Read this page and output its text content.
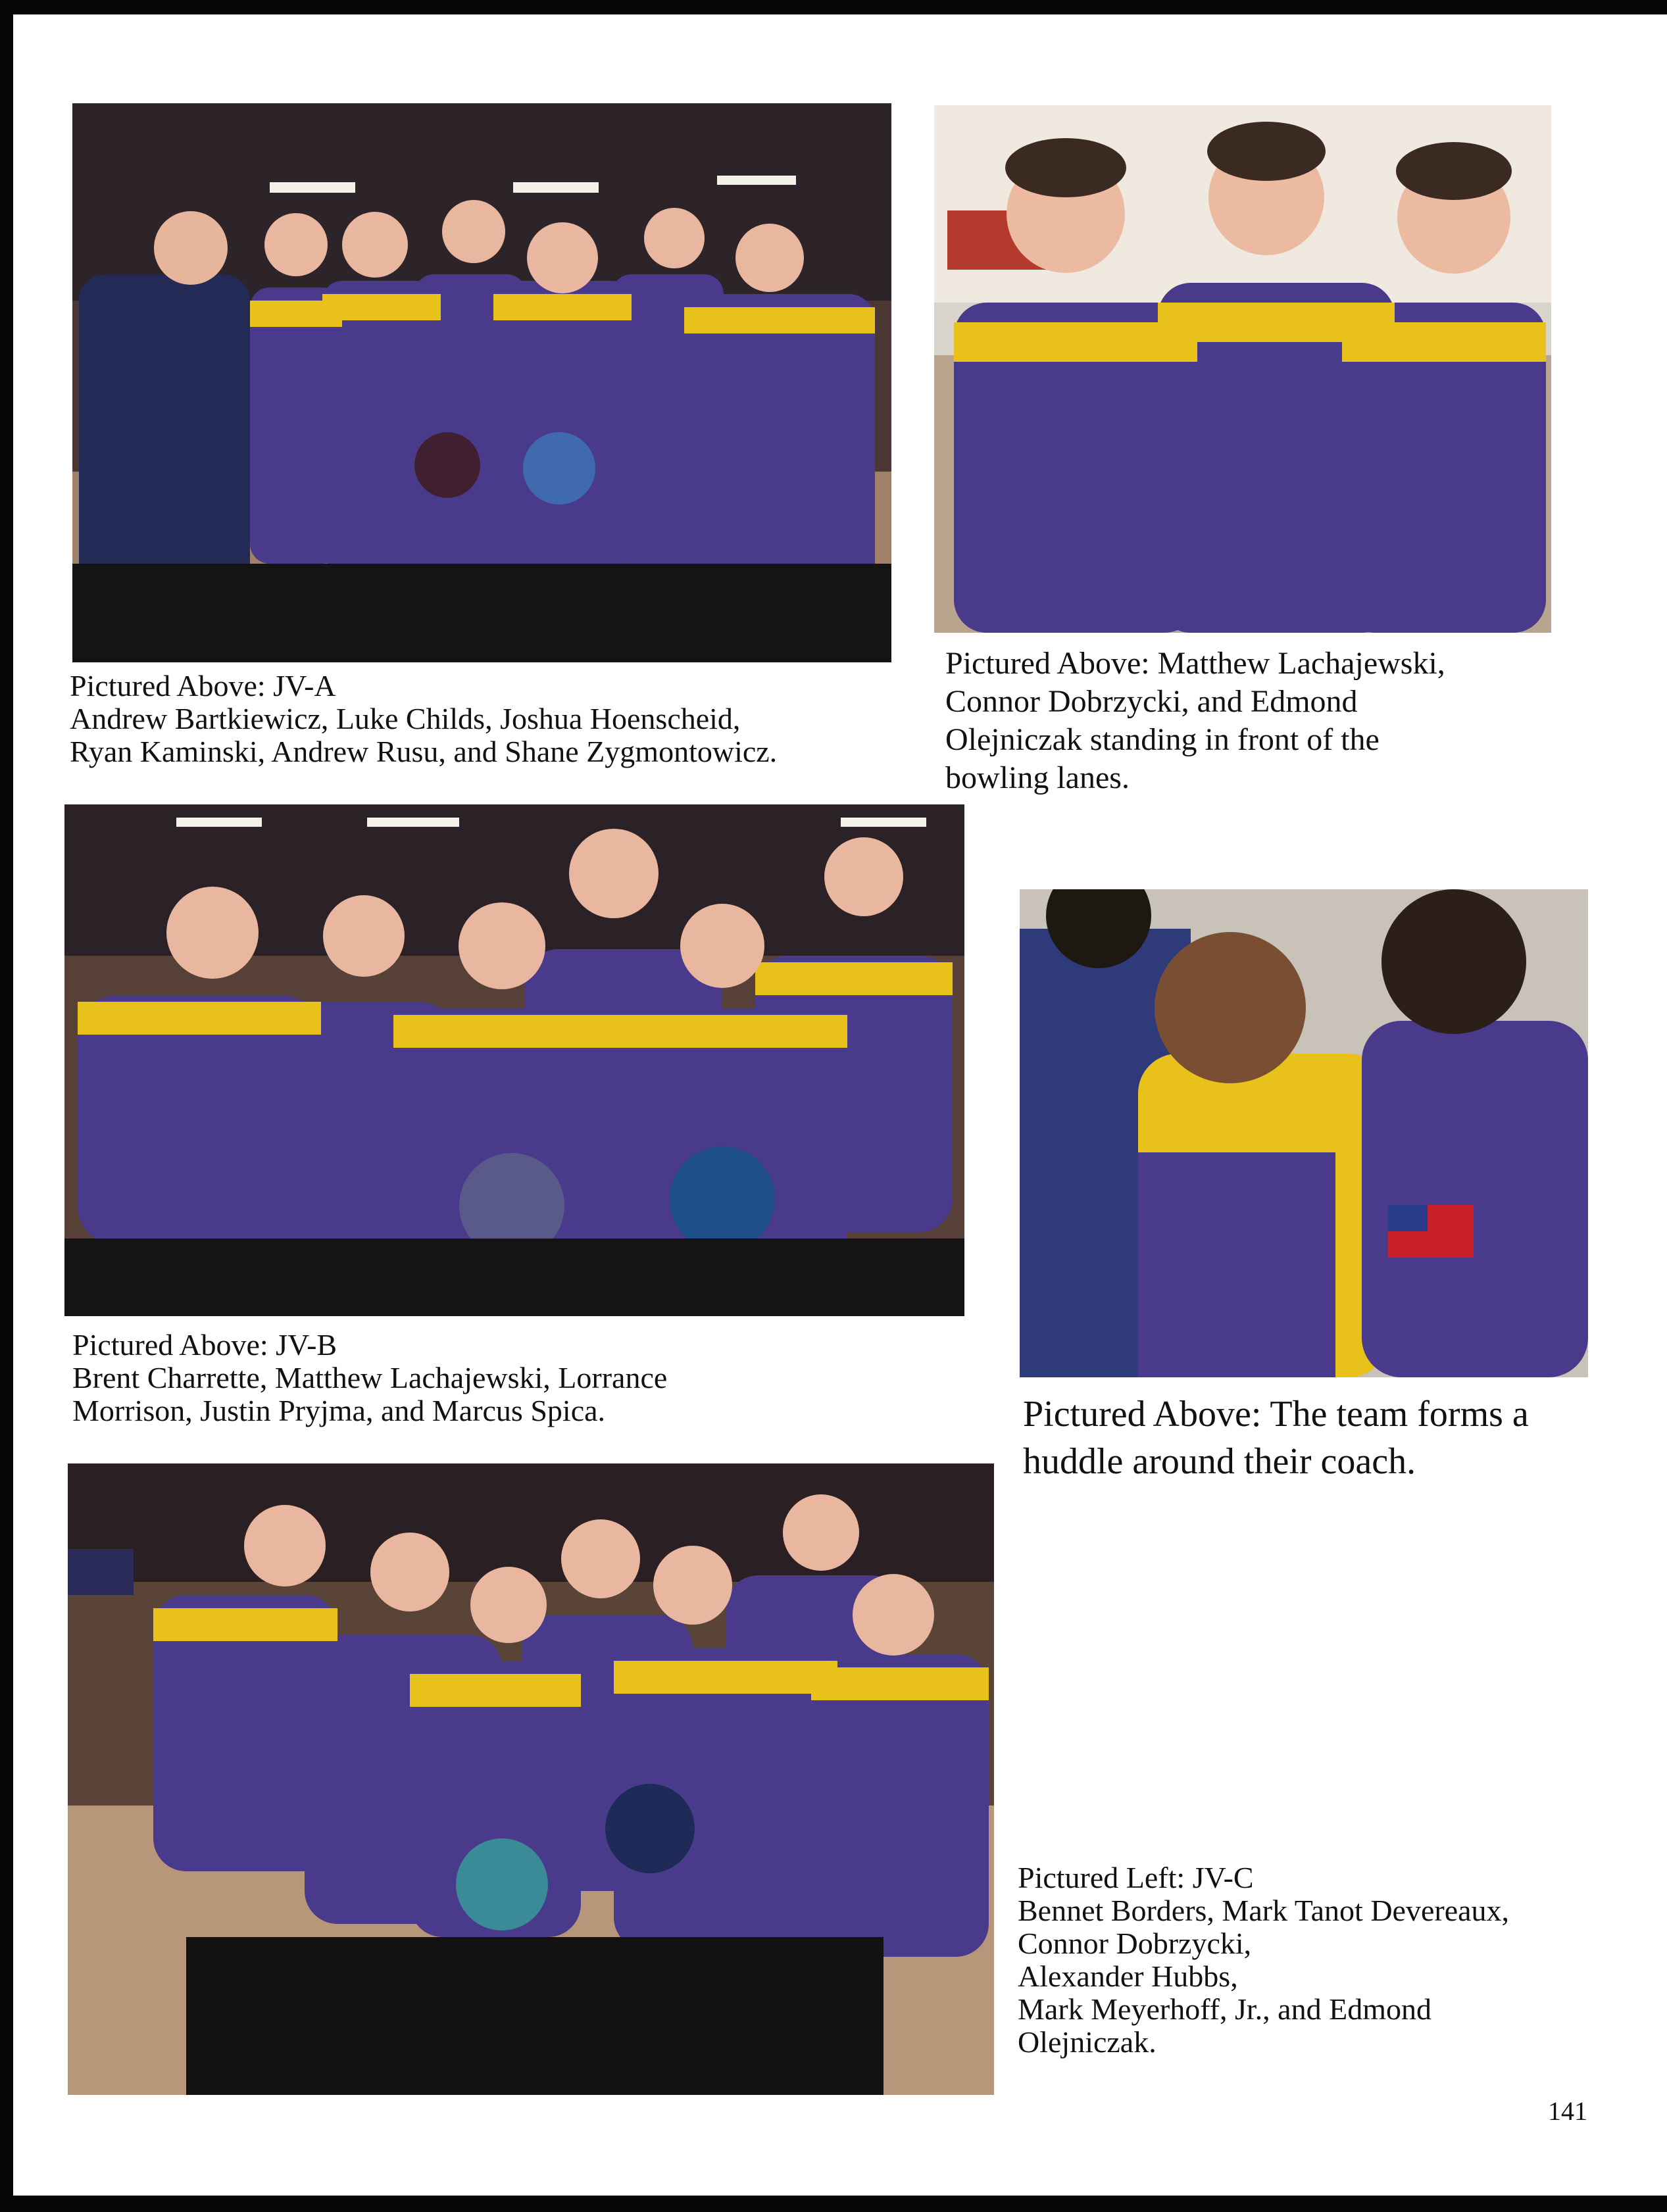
Pictured Above: JV-A
Andrew Bartkiewicz, Luke Childs, Joshua Hoenscheid,
Ryan Kaminski, Andrew Rusu, and Shane Zygmontowicz.

Pictured Above: Matthew Lachajewski,
Connor Dobrzycki, and Edmond
Olejniczak standing in front of the
bowling lanes.

Pictured Above: JV-B
Brent Charrette, Matthew Lachajewski, Lorrance
Morrison, Justin Pryjma, and Marcus Spica.	Pictured Above: The team forms a
huddle around their coach.

Pictured Left: JV-C
Bennet Borders, Mark Tanot Devereaux,
Connor Dobrzycki,
Alexander Hubbs,
Mark Meyerhoff, Jr., and Edmond
Olejniczak.

141
